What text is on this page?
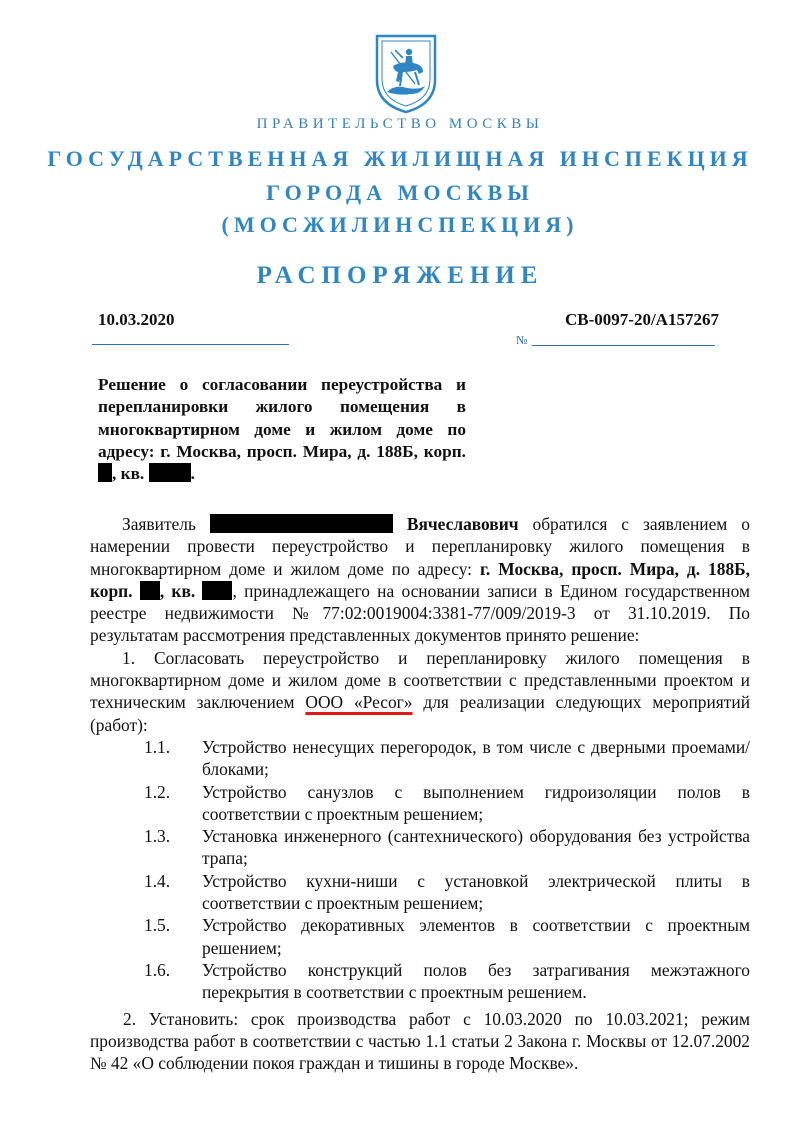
ПРАВИТЕЛЬСТВО МОСКВЫ
ГОСУДАРСТВЕННАЯ ЖИЛИЩНАЯ ИНСПЕКЦИЯ
ГОРОДА МОСКВЫ
(МОСЖИЛИНСПЕКЦИЯ)
РАСПОРЯЖЕНИЕ
10.03.2020	СВ-0097-20/А157267
№
Решение о согласовании переустройства и перепланировки жилого помещения в многоквартирном доме и жилом доме по адресу: г. Москва, просп. Мира, д. 188Б, корп. , кв.	.

Заявитель	Вячеславович обратился с заявлением о намерении провести переустройство и перепланировку жилого помещения в многоквартирном доме и жилом доме по адресу: г. Москва, просп. Мира, д. 188Б, корп. , кв. , принадлежащего на основании записи в Едином государственном реестре недвижимости №77:02:0019004:3381-77/009/2019-3 от 31.10.2019. По результатам рассмотрения представленных документов принято решение:

1. Согласовать переустройство и перепланировку жилого помещения в многоквартирном доме и жилом доме в соответствии с представленными проектом и техническим заключением ООО «Ресог» для реализации следующих мероприятий (работ):

1.1.	Устройство ненесущих перегородок, в том числе с дверными проемами/блоками;
1.2.	Устройство санузлов с выполнением гидроизоляции полов в соответствии с проектным решением;
1.3.	Установка инженерного (сантехнического) оборудования без устройства трапа;
1.4.	Устройство кухни-ниши с установкой электрической плиты в соответствии с проектным решением;
1.5.	Устройство декоративных элементов в соответствии с проектным решением;
1.6.	Устройство конструкций полов без затрагивания межэтажного перекрытия в соответствии с проектным решением.

2. Установить: срок производства работ с 10.03.2020 по 10.03.2021; режим производства работ в соответствии с частью 1.1 статьи 2 Закона г. Москвы от 12.07.2002 № 42 «О соблюдении покоя граждан и тишины в городе Москве».
